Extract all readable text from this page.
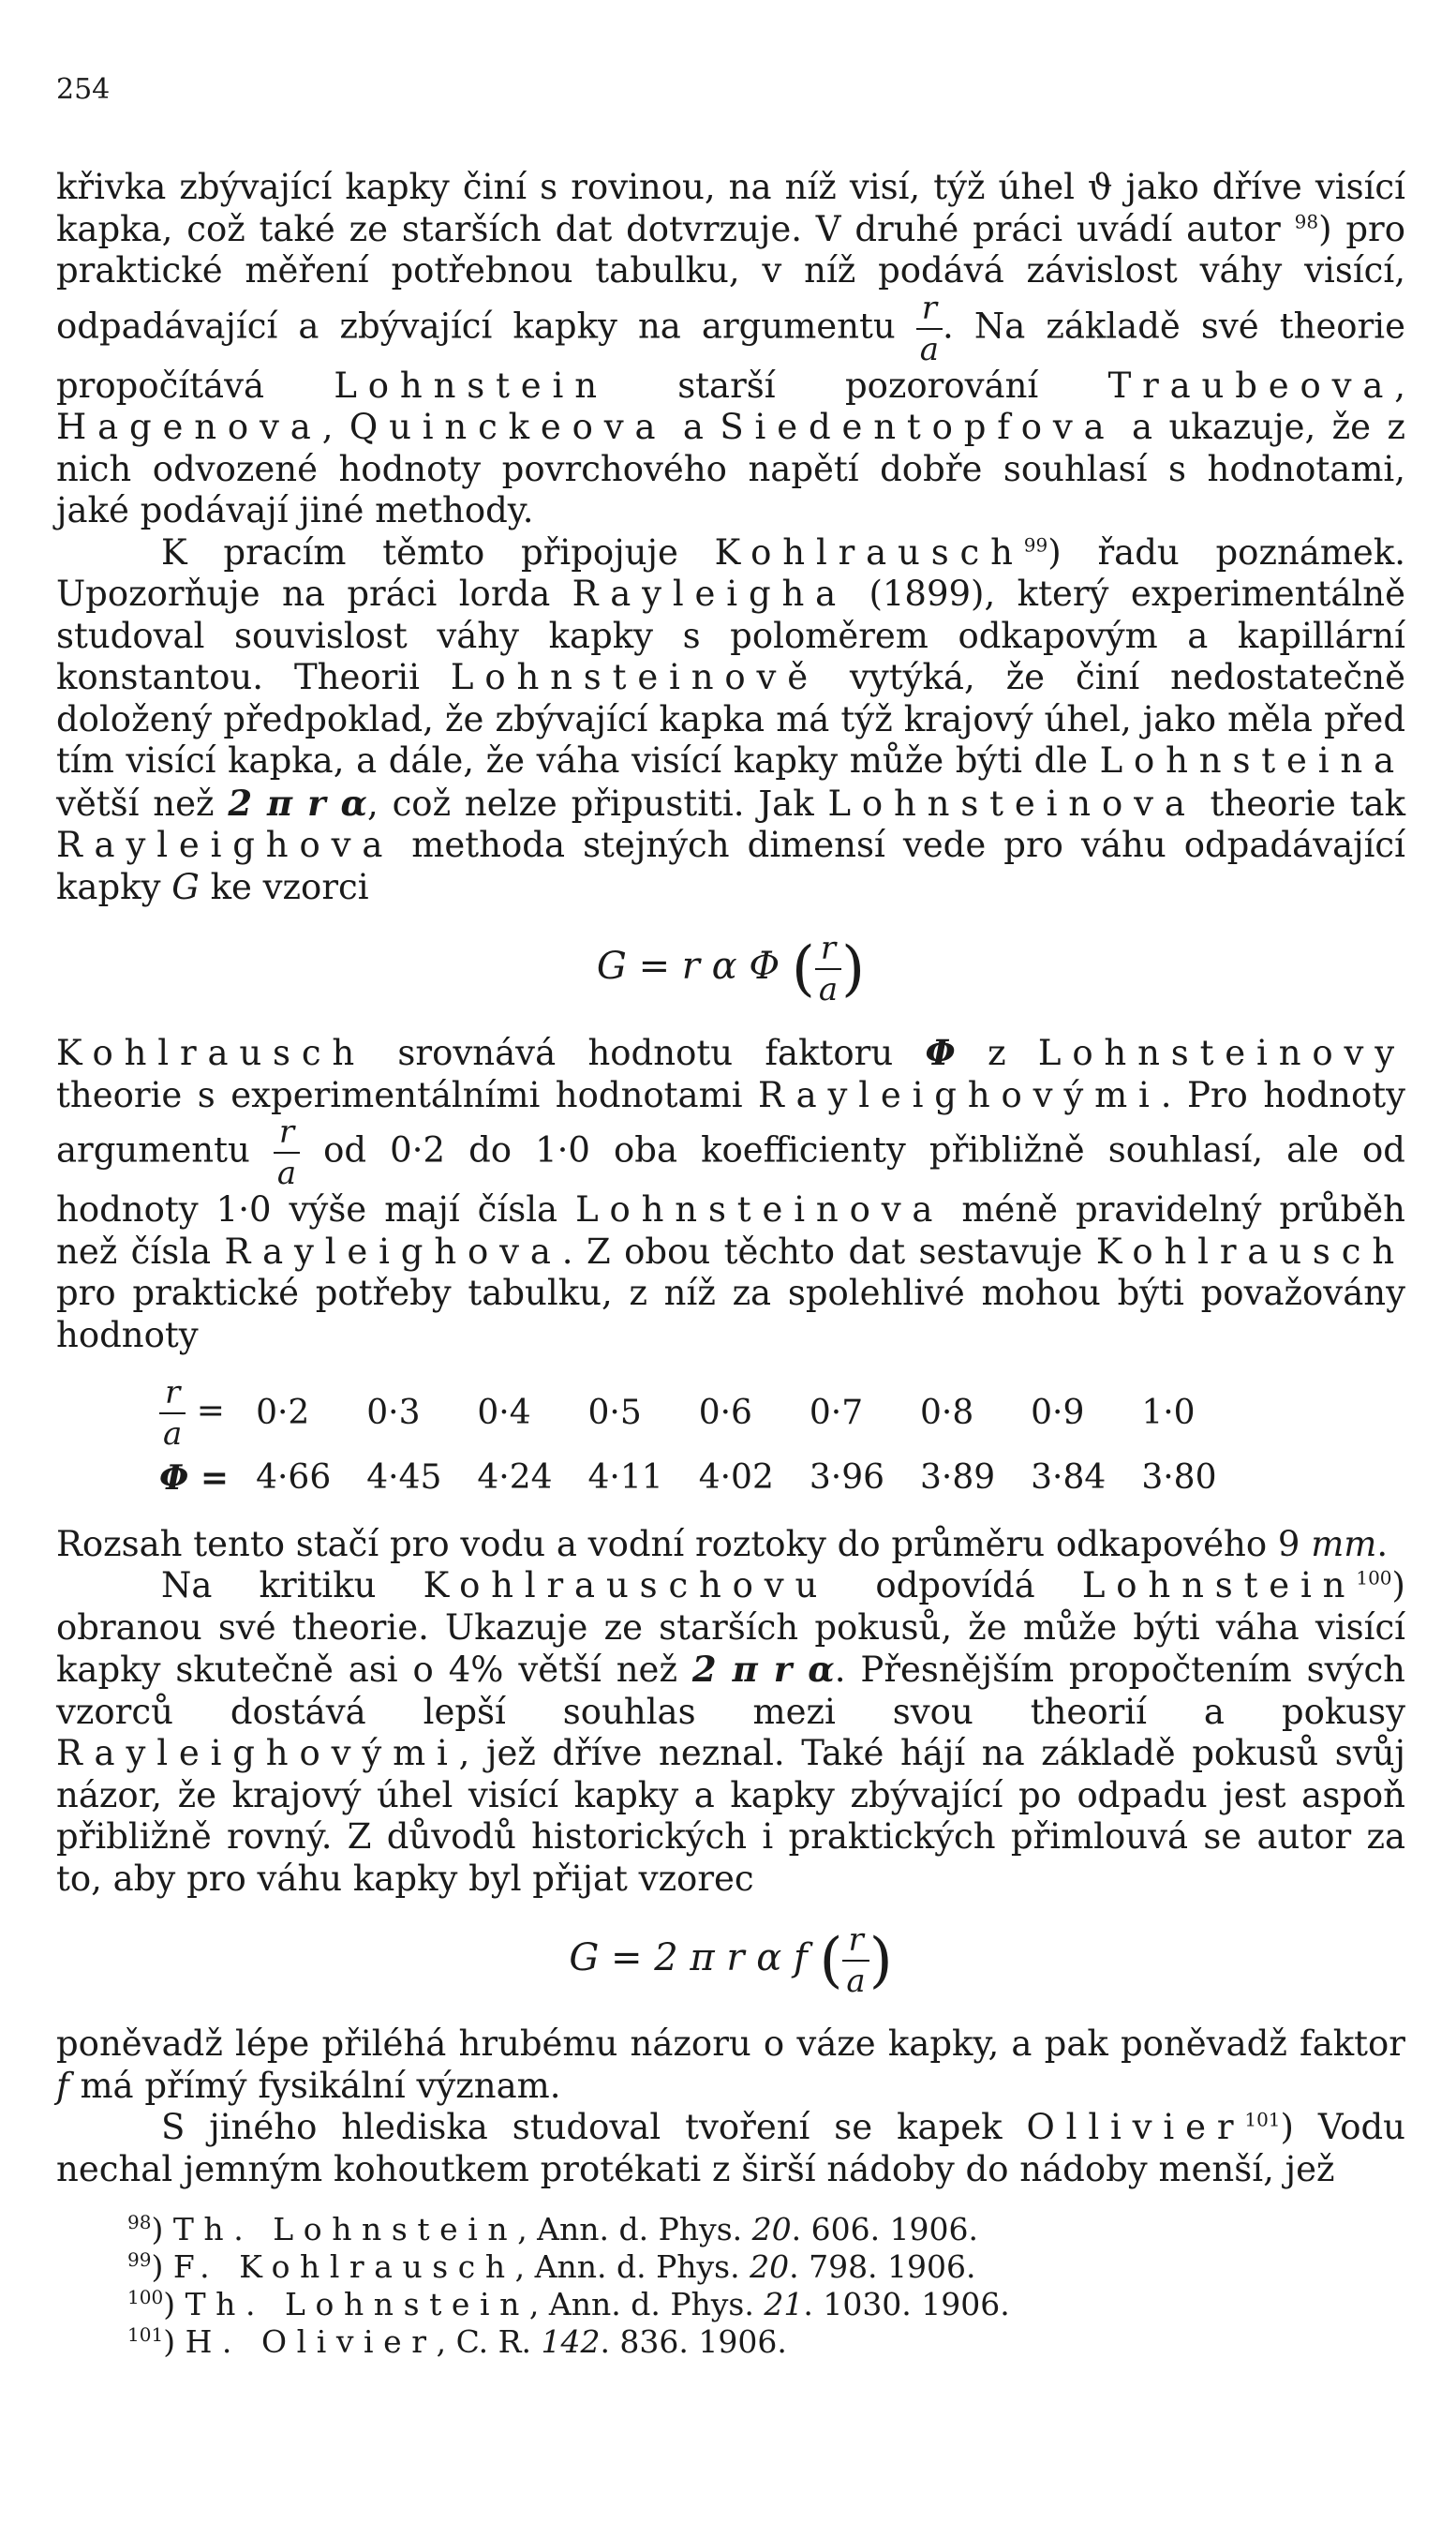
254

křivka zbývající kapky činí s rovinou, na níž visí, týž úhel ϑ jako dříve visící kapka, což také ze starších dat dotvrzuje. V druhé práci uvádí autor $^{98}$) pro praktické měření potřebnou tabulku, v níž podává závislost váhy visící, odpadávající a zbývající kapky na argumentu $\frac{r}{a}$ . Na základě své theorie propočítává Lohnstein starší pozorování Traubeova, Hagenova, Quinckeova a Siedentopfova a ukazuje, že z nich odvozené hodnoty povrchového napětí dobře souhlasí s hodnotami, jaké podávají jiné methody.

K pracím těmto připojuje Kohlrausch$^{99}$) řadu poznámek. Upozorňuje na práci lorda Rayleigha (1899), který experimentálně studoval souvislost váhy kapky s poloměrem odkapovým a kapillární konstantou. Theorii Lohnsteinově vytýká, že činí nedostatečně doložený předpoklad, že zbývající kapka má týž krajový úhel, jako měla před tím visící kapka, a dále, že váha visící kapky může býti dle Lohnsteina větší než 2 π r α, což nelze připustiti. Jak Lohnsteinova theorie tak Rayleighova methoda stejných dimensí vede pro váhu odpadávající kapky G ke vzorci

G = r α Φ ( $\frac{r}{a}$ )

Kohlrausch srovnává hodnotu faktoru Φ z Lohnsteinovy theorie s experimentálními hodnotami Rayleighovými. Pro hodnoty argumentu $\frac{r}{a}$ od 0·2 do 1·0 oba koefficienty přibližně souhlasí, ale od hodnoty 1·0 výše mají čísla Lohnsteinova méně pravidelný průběh než čísla Rayleighova. Z obou těchto dat sestavuje Kohlrausch pro praktické potřeby tabulku, z níž za spolehlivé mohou býti považovány hodnoty

$\frac{r}{a}$ =	0·2	0·3	0·4	0·5	0·6	0·7	0·8	0·9	1·0
Φ =	4·66	4·45	4·24	4·11	4·02	3·96	3·89	3·84	3·80

Rozsah tento stačí pro vodu a vodní roztoky do průměru odkapového 9 mm.

Na kritiku Kohlrauschovu odpovídá Lohnstein$^{100}$) obranou své theorie. Ukazuje ze starších pokusů, že může býti váha visící kapky skutečně asi o 4% větší než 2 π r α. Přesnějším propočtením svých vzorců dostává lepší souhlas mezi svou theorií a pokusy Rayleighovými, jež dříve neznal. Také hájí na základě pokusů svůj názor, že krajový úhel visící kapky a kapky zbývající po odpadu jest aspoň přibližně rovný. Z důvodů historických i praktických přimlouvá se autor za to, aby pro váhu kapky byl přijat vzorec

G = 2 π r α f ( $\frac{r}{a}$ )

poněvadž lépe přiléhá hrubému názoru o váze kapky, a pak poněvadž faktor f má přímý fysikální význam.

S jiného hlediska studoval tvoření se kapek Ollivier$^{101}$) Vodu nechal jemným kohoutkem protékati z širší nádoby do nádoby menší, jež

$^{98}$) Th. Lohnstein, Ann. d. Phys. 20. 606. 1906.
$^{99}$) F. Kohlrausch, Ann. d. Phys. 20. 798. 1906.
$^{100}$) Th. Lohnstein, Ann. d. Phys. 21. 1030. 1906.
$^{101}$) H. Olivier, C. R. 142. 836. 1906.
